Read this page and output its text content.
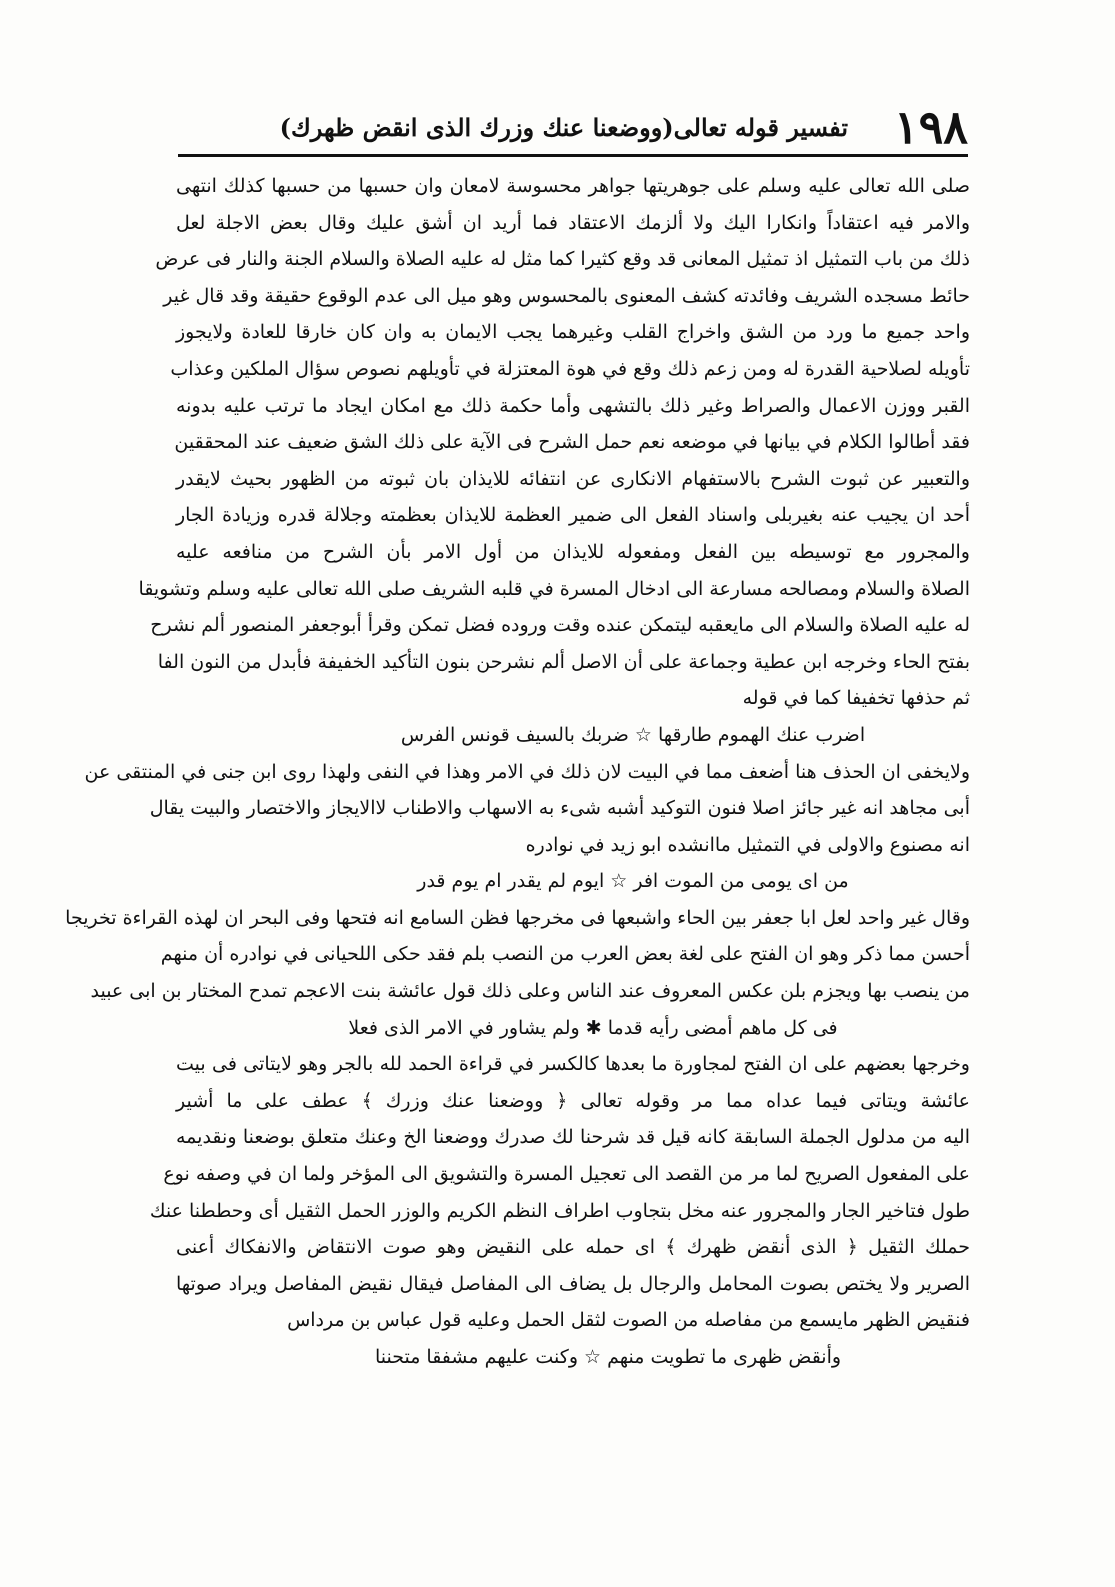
١٩٨
تفسير قوله تعالى(ووضعنا عنك وزرك الذى انقض ظهرك)
صلى الله تعالى عليه وسلم على جوهريتها جواهر محسوسة لامعان وان حسبها من حسبها كذلك انتهى
والامر فيه اعتقاداً وانكارا اليك ولا ألزمك الاعتقاد فما أريد ان أشق عليك وقال بعض الاجلة لعل
ذلك من باب التمثيل اذ تمثيل المعانى قد وقع كثيرا كما مثل له عليه الصلاة والسلام الجنة والنار فى عرض
حائط مسجده الشريف وفائدته كشف المعنوى بالمحسوس وهو ميل الى عدم الوقوع حقيقة وقد قال غير
واحد جميع ما ورد من الشق واخراج القلب وغيرهما يجب الايمان به وان كان خارقا للعادة ولايجوز
تأويله لصلاحية القدرة له ومن زعم ذلك وقع في هوة المعتزلة في تأويلهم نصوص سؤال الملكين وعذاب
القبر ووزن الاعمال والصراط وغير ذلك بالتشهى وأما حكمة ذلك مع امكان ايجاد ما ترتب عليه بدونه
فقد أطالوا الكلام في بيانها في موضعه نعم حمل الشرح فى الآية على ذلك الشق ضعيف عند المحققين
والتعبير عن ثبوت الشرح بالاستفهام الانكارى عن انتفائه للايذان بان ثبوته من الظهور بحيث لايقدر
أحد ان يجيب عنه بغيربلى واسناد الفعل الى ضمير العظمة للايذان بعظمته وجلالة قدره وزيادة الجار
والمجرور مع توسيطه بين الفعل ومفعوله للايذان من أول الامر بأن الشرح من منافعه عليه
الصلاة والسلام ومصالحه مسارعة الى ادخال المسرة في قلبه الشريف صلى الله تعالى عليه وسلم وتشويقا
له عليه الصلاة والسلام الى مايعقبه ليتمكن عنده وقت وروده فضل تمكن وقرأ أبوجعفر المنصور ألم نشرح
بفتح الحاء وخرجه ابن عطية وجماعة على أن الاصل ألم نشرحن بنون التأكيد الخفيفة فأبدل من النون الفا
ثم حذفها تخفيفا كما في قوله
اضرب عنك الهموم طارقها ☆ ضربك بالسيف قونس الفرس
ولايخفى ان الحذف هنا أضعف مما في البيت لان ذلك في الامر وهذا في النفى ولهذا روى ابن جنى في المنتقى عن
أبى مجاهد انه غير جائز اصلا فنون التوكيد أشبه شىء به الاسهاب والاطناب لاالايجاز والاختصار والبيت يقال
انه مصنوع والاولى في التمثيل ماانشده ابو زيد في نوادره
من اى يومى من الموت افر ☆ ايوم لم يقدر ام يوم قدر
وقال غير واحد لعل ابا جعفر بين الحاء واشبعها فى مخرجها فظن السامع انه فتحها وفى البحر ان لهذه القراءة تخريجا
أحسن مما ذكر وهو ان الفتح على لغة بعض العرب من النصب بلم فقد حكى اللحيانى في نوادره أن منهم
من ينصب بها ويجزم بلن عكس المعروف عند الناس وعلى ذلك قول عائشة بنت الاعجم تمدح المختار بن ابى عبيد
فى كل ماهم أمضى رأيه قدما ✱ ولم يشاور في الامر الذى فعلا
وخرجها بعضهم على ان الفتح لمجاورة ما بعدها كالكسر في قراءة الحمد لله بالجر وهو لايتاتى فى بيت
عائشة ويتاتى فيما عداه مما مر وقوله تعالى ﴿ ووضعنا عنك وزرك ﴾ عطف على ما أشير
اليه من مدلول الجملة السابقة كانه قيل قد شرحنا لك صدرك ووضعنا الخ وعنك متعلق بوضعنا ونقديمه
على المفعول الصريح لما مر من القصد الى تعجيل المسرة والتشويق الى المؤخر ولما ان في وصفه نوع
طول فتاخير الجار والمجرور عنه مخل بتجاوب اطراف النظم الكريم والوزر الحمل الثقيل أى وحططنا عنك
حملك الثقيل ﴿ الذى أنقض ظهرك ﴾ اى حمله على النقيض وهو صوت الانتقاض والانفكاك أعنى
الصرير ولا يختص بصوت المحامل والرجال بل يضاف الى المفاصل فيقال نقيض المفاصل ويراد صوتها
فنقيض الظهر مايسمع من مفاصله من الصوت لثقل الحمل وعليه قول عباس بن مرداس
وأنقض ظهرى ما تطويت منهم ☆ وكنت عليهم مشفقا متحننا
